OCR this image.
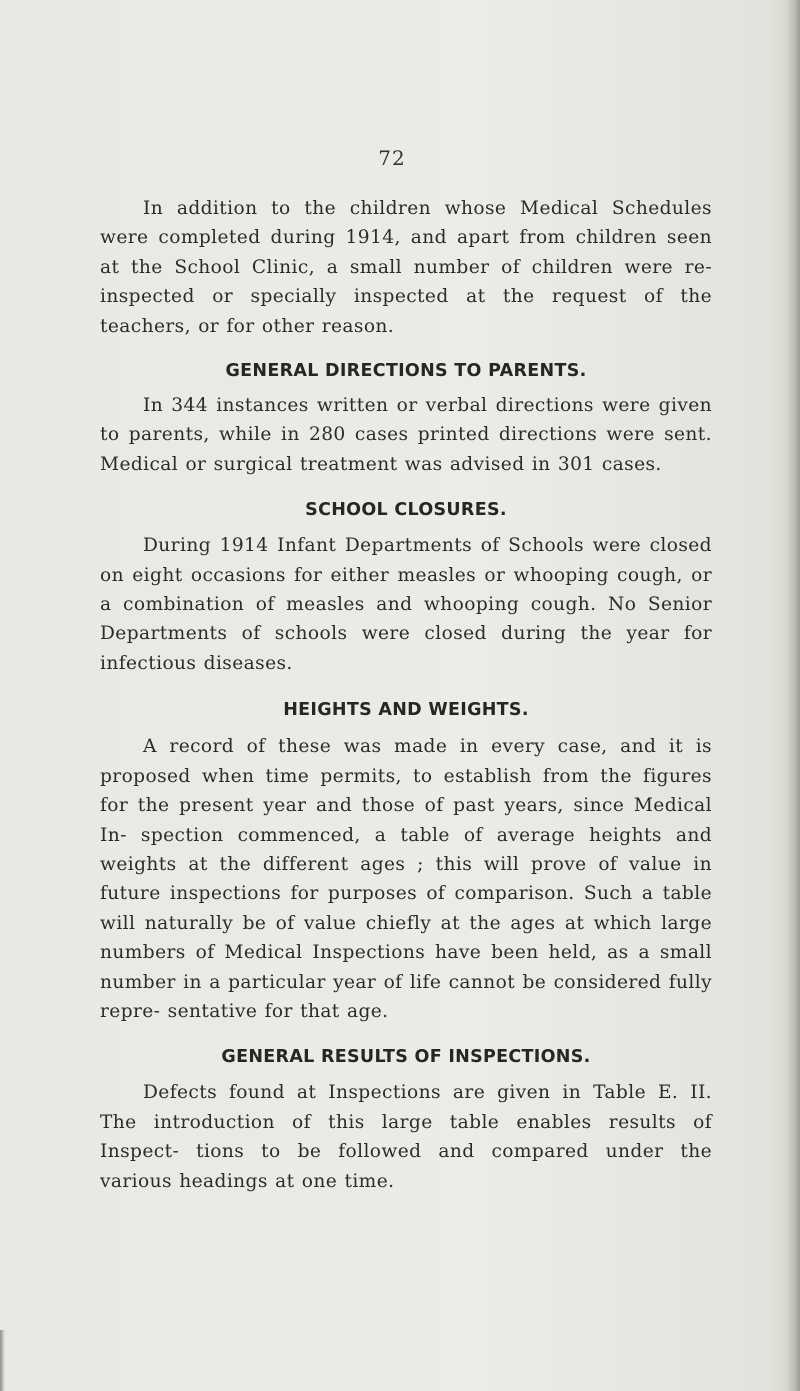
72

In addition to the children whose Medical Schedules were completed during 1914, and apart from children seen at the School Clinic, a small number of children were re-inspected or specially inspected at the request of the teachers, or for other reason.

GENERAL DIRECTIONS TO PARENTS.

In 344 instances written or verbal directions were given to parents, while in 280 cases printed directions were sent. Medical or surgical treatment was advised in 301 cases.

SCHOOL CLOSURES.

During 1914 Infant Departments of Schools were closed on eight occasions for either measles or whooping cough, or a combination of measles and whooping cough. No Senior Departments of schools were closed during the year for infectious diseases.

HEIGHTS AND WEIGHTS.

A record of these was made in every case, and it is proposed when time permits, to establish from the figures for the present year and those of past years, since Medical In- spection commenced, a table of average heights and weights at the different ages ; this will prove of value in future inspections for purposes of comparison. Such a table will naturally be of value chiefly at the ages at which large numbers of Medical Inspections have been held, as a small number in a particular year of life cannot be considered fully repre- sentative for that age.

GENERAL RESULTS OF INSPECTIONS.

Defects found at Inspections are given in Table E. II. The introduction of this large table enables results of Inspect- tions to be followed and compared under the various headings at one time.
